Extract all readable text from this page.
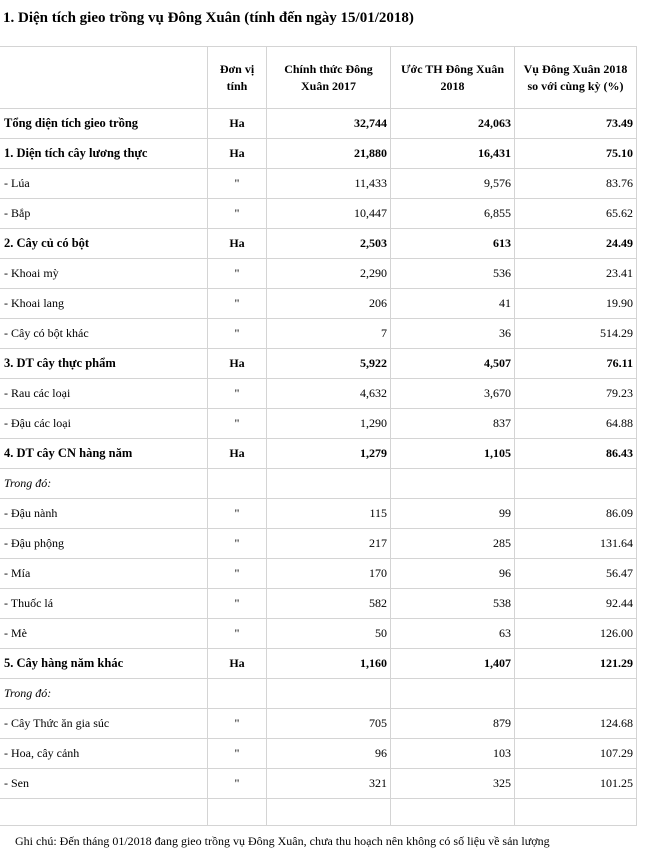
1. Diện tích gieo trồng vụ Đông Xuân (tính đến ngày 15/01/2018)
	Đơn vị tính	Chính thức Đông Xuân 2017	Ước TH Đông Xuân 2018	Vụ Đông Xuân 2018 so với cùng kỳ (%)
Tổng diện tích gieo trồng	Ha	32,744	24,063	73.49
1. Diện tích cây lương thực	Ha	21,880	16,431	75.10
- Lúa	"	11,433	9,576	83.76
- Bắp	"	10,447	6,855	65.62
2. Cây củ có bột	Ha	2,503	613	24.49
- Khoai mỳ	"	2,290	536	23.41
- Khoai lang	"	206	41	19.90
- Cây có bột khác	"	7	36	514.29
3. DT cây thực phẩm	Ha	5,922	4,507	76.11
- Rau các loại	"	4,632	3,670	79.23
- Đậu các loại	"	1,290	837	64.88
4. DT cây CN hàng năm	Ha	1,279	1,105	86.43
Trong đó:				
- Đậu nành	"	115	99	86.09
- Đậu phộng	"	217	285	131.64
- Mía	"	170	96	56.47
- Thuốc lá	"	582	538	92.44
- Mè	"	50	63	126.00
5. Cây hàng năm khác	Ha	1,160	1,407	121.29
Trong đó:				
- Cây Thức ăn gia súc	"	705	879	124.68
- Hoa, cây cảnh	"	96	103	107.29
- Sen	"	321	325	101.25

Ghi chú: Đến tháng 01/2018 đang gieo trồng vụ Đông Xuân, chưa thu hoạch nên không có số liệu về sản lượng
